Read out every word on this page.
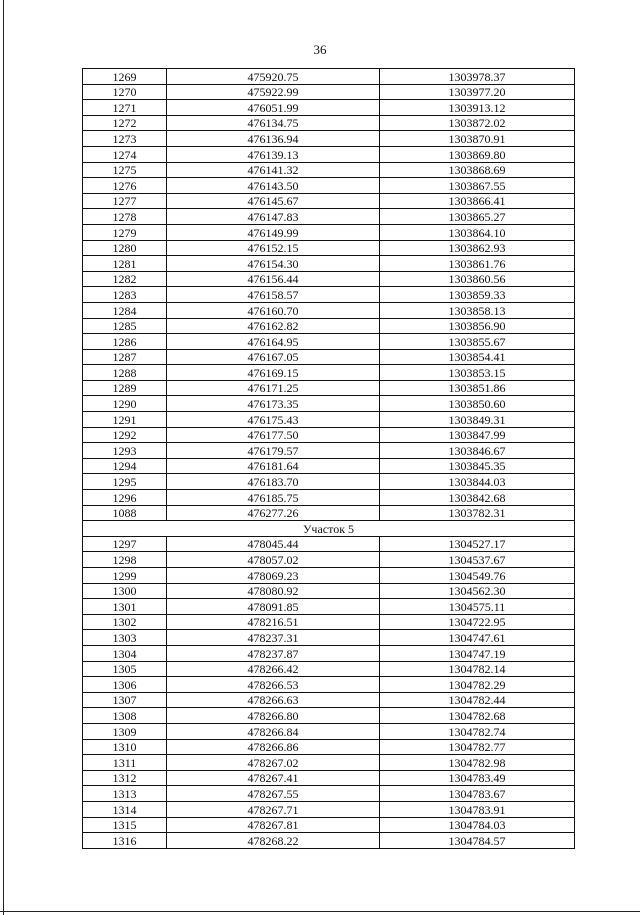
36
1269	475920.75	1303978.37
1270	475922.99	1303977.20
1271	476051.99	1303913.12
1272	476134.75	1303872.02
1273	476136.94	1303870.91
1274	476139.13	1303869.80
1275	476141.32	1303868.69
1276	476143.50	1303867.55
1277	476145.67	1303866.41
1278	476147.83	1303865.27
1279	476149.99	1303864.10
1280	476152.15	1303862.93
1281	476154.30	1303861.76
1282	476156.44	1303860.56
1283	476158.57	1303859.33
1284	476160.70	1303858.13
1285	476162.82	1303856.90
1286	476164.95	1303855.67
1287	476167.05	1303854.41
1288	476169.15	1303853.15
1289	476171.25	1303851.86
1290	476173.35	1303850.60
1291	476175.43	1303849.31
1292	476177.50	1303847.99
1293	476179.57	1303846.67
1294	476181.64	1303845.35
1295	476183.70	1303844.03
1296	476185.75	1303842.68
1088	476277.26	1303782.31
Участок 5		
1297	478045.44	1304527.17
1298	478057.02	1304537.67
1299	478069.23	1304549.76
1300	478080.92	1304562.30
1301	478091.85	1304575.11
1302	478216.51	1304722.95
1303	478237.31	1304747.61
1304	478237.87	1304747.19
1305	478266.42	1304782.14
1306	478266.53	1304782.29
1307	478266.63	1304782.44
1308	478266.80	1304782.68
1309	478266.84	1304782.74
1310	478266.86	1304782.77
1311	478267.02	1304782.98
1312	478267.41	1304783.49
1313	478267.55	1304783.67
1314	478267.71	1304783.91
1315	478267.81	1304784.03
1316	478268.22	1304784.57
